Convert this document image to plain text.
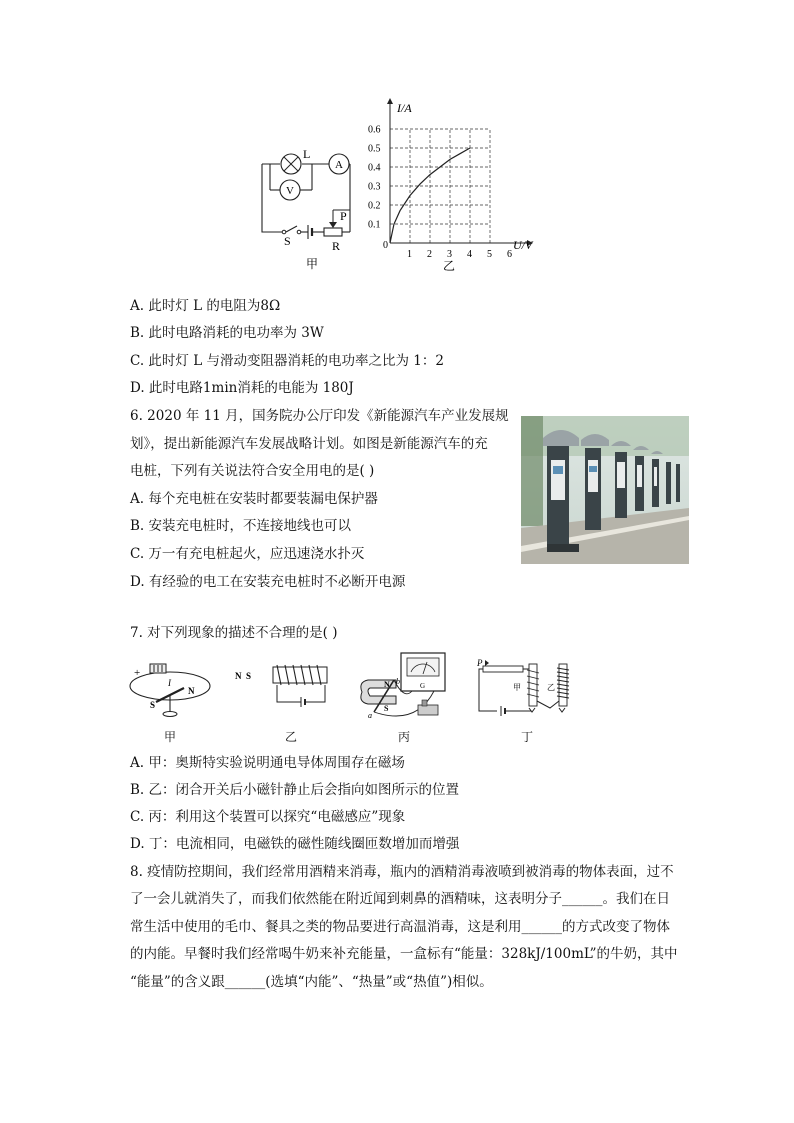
L
A
V
S
P
R
甲
0.1
0.2
0.3
0.4
0.5
0.6
1 2 3 4 5 6
I/A
U/V
0
乙
A. 此时灯 L 的电阻为8Ω
B. 此时电路消耗的电功率为 3W
C. 此时灯 L 与滑动变阻器消耗的电功率之比为 1：2
D. 此时电路1min消耗的电能为 180J
6. 2020 年 11 月，国务院办公厅印发《新能源汽车产业发展规
划》，提出新能源汽车发展战略计划。如图是新能源汽车的充
电桩，下列有关说法符合安全用电的是( )
A. 每个充电桩在安装时都要装漏电保护器
B. 安装充电桩时，不连接地线也可以
C. 万一有充电桩起火，应迅速浇水扑灭
D. 有经验的电工在安装充电桩时不必断开电源
7. 对下列现象的描述不合理的是( )
+
I
S
N
甲
N S
乙
G
N
S
a
b
丙
P
甲	乙
丁
A. 甲：奥斯特实验说明通电导体周围存在磁场
B. 乙：闭合开关后小磁针静止后会指向如图所示的位置
C. 丙：利用这个装置可以探究“电磁感应”现象
D. 丁：电流相同，电磁铁的磁性随线圈匝数增加而增强
8. 疫情防控期间，我们经常用酒精来消毒，瓶内的酒精消毒液喷到被消毒的物体表面，过不
了一会儿就消失了，而我们依然能在附近闻到刺鼻的酒精味，这表明分子______。我们在日
常生活中使用的毛巾、餐具之类的物品要进行高温消毒，这是利用______的方式改变了物体
的内能。早餐时我们经常喝牛奶来补充能量，一盒标有“能量：328kJ/100mL”的牛奶，其中
“能量”的含义跟______(选填“内能”、“热量”或“热值”)相似。
